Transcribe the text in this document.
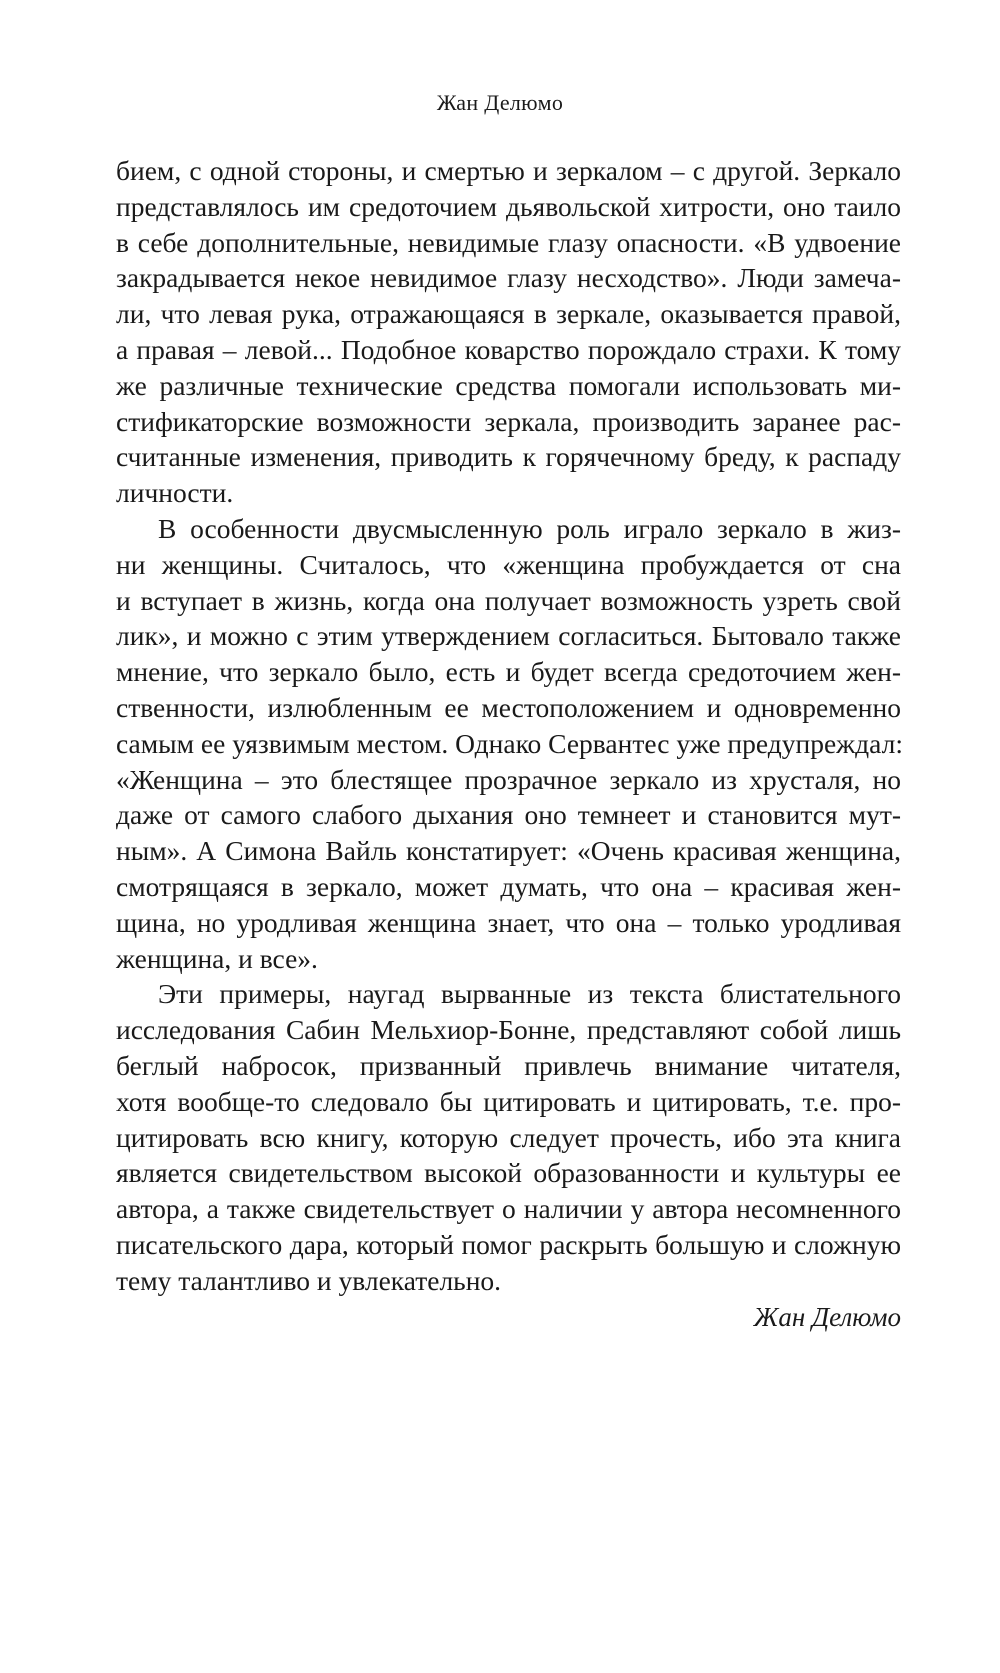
Жан Делюмо
бием, с одной стороны, и смертью и зеркалом – с другой. Зеркало
представлялось им средоточием дьявольской хитрости, оно таило
в себе дополнительные, невидимые глазу опасности. «В удвоение
закрадывается некое невидимое глазу несходство». Люди замеча-
ли, что левая рука, отражающаяся в зеркале, оказывается правой,
а правая – левой... Подобное коварство порождало страхи. К тому
же различные технические средства помогали использовать ми-
стификаторские возможности зеркала, производить заранее рас-
считанные изменения, приводить к горячечному бреду, к распаду
личности.
В особенности двусмысленную роль играло зеркало в жиз-
ни женщины. Считалось, что «женщина пробуждается от сна
и вступает в жизнь, когда она получает возможность узреть свой
лик», и можно с этим утверждением согласиться. Бытовало также
мнение, что зеркало было, есть и будет всегда средоточием жен-
ственности, излюбленным ее местоположением и одновременно
самым ее уязвимым местом. Однако Сервантес уже предупреждал:
«Женщина – это блестящее прозрачное зеркало из хрусталя, но
даже от самого слабого дыхания оно темнеет и становится мут-
ным». А Симона Вайль констатирует: «Очень красивая женщина,
смотрящаяся в зеркало, может думать, что она – красивая жен-
щина, но уродливая женщина знает, что она – только уродливая
женщина, и все».
Эти примеры, наугад вырванные из текста блистательного
исследования Сабин Мельхиор-Бонне, представляют собой лишь
беглый набросок, призванный привлечь внимание читателя,
хотя вообще-то следовало бы цитировать и цитировать, т.е. про-
цитировать всю книгу, которую следует прочесть, ибо эта книга
является свидетельством высокой образованности и культуры ее
автора, а также свидетельствует о наличии у автора несомненного
писательского дара, который помог раскрыть большую и сложную
тему талантливо и увлекательно.
Жан Делюмо
